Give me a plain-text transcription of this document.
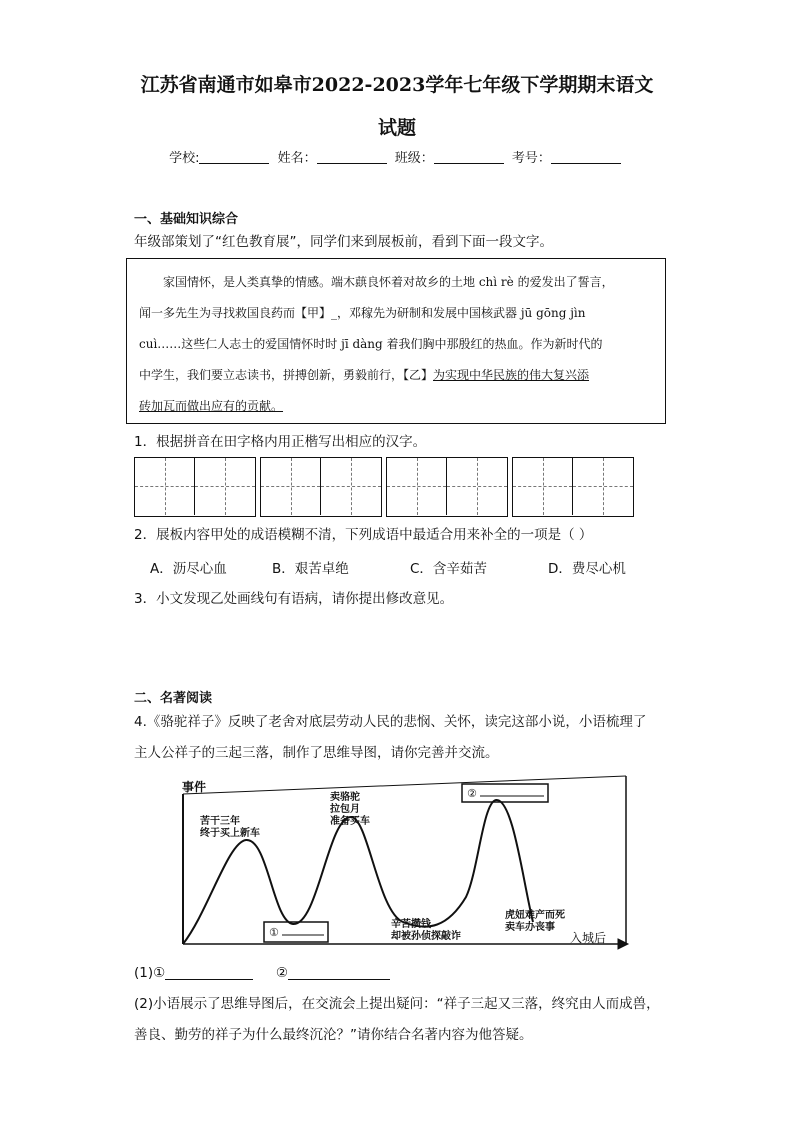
江苏省南通市如皋市2022-2023学年七年级下学期期末语文
试题
学校:	姓名：	班级：	考号：
一、基础知识综合
年级部策划了“红色教育展”，同学们来到展板前，看到下面一段文字。
家国情怀，是人类真挚的情感。端木蕻良怀着对故乡的土地 chì rè 的爱发出了誓言，
闻一多先生为寻找救国良药而【甲】_，邓稼先为研制和发展中国核武器 jū gōng jìn
cuì……这些仁人志士的爱国情怀时时 jī dàng 着我们胸中那殷红的热血。作为新时代的
中学生，我们要立志读书，拼搏创新，勇毅前行，【乙】为实现中华民族的伟大复兴添
砖加瓦而做出应有的贡献。
1．根据拼音在田字格内用正楷写出相应的汉字。
2．展板内容甲处的成语模糊不清，下列成语中最适合用来补全的一项是（ ）
A．沥尽心血	B．艰苦卓绝	C．含辛茹苦	D．费尽心机
3．小文发现乙处画线句有语病，请你提出修改意见。
二、名著阅读
4.《骆驼祥子》反映了老舍对底层劳动人民的悲悯、关怀，读完这部小说，小语梳理了
主人公祥子的三起三落，制作了思维导图，请你完善并交流。
事件
入城后
苦干三年
终于买上新车
卖骆驼
拉包月
准备买车
辛苦攒钱
却被孙侦探敲诈
虎妞难产而死
卖车办丧事
①
②
(1)①	②
(2)小语展示了思维导图后，在交流会上提出疑问：“祥子三起又三落，终究由人而成兽，
善良、勤劳的祥子为什么最终沉沦？”请你结合名著内容为他答疑。
